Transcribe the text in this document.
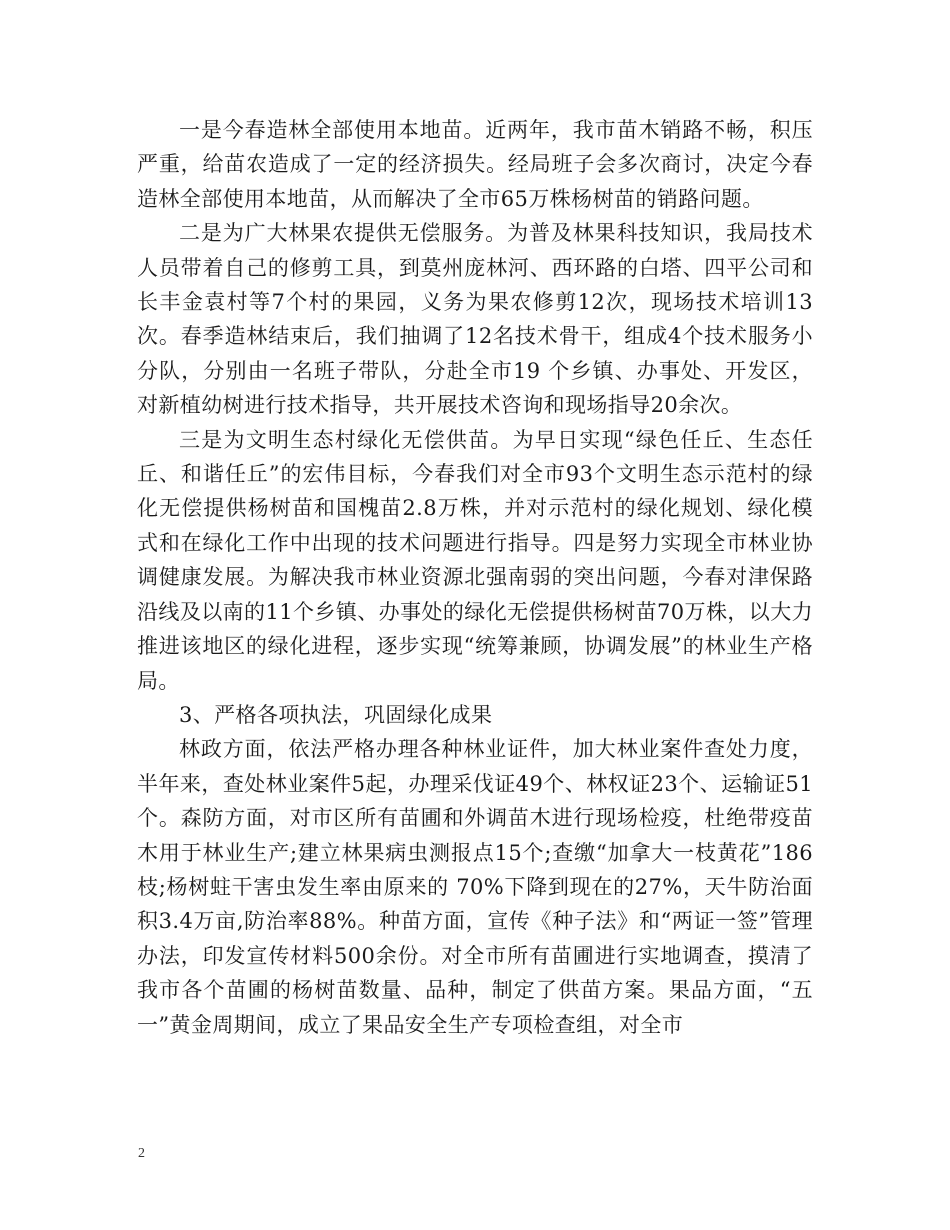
一是今春造林全部使用本地苗。近两年，我市苗木销路不畅，积压严重，给苗农造成了一定的经济损失。经局班子会多次商讨，决定今春造林全部使用本地苗，从而解决了全市65万株杨树苗的销路问题。

二是为广大林果农提供无偿服务。为普及林果科技知识，我局技术人员带着自己的修剪工具，到莫州庞林河、西环路的白塔、四平公司和长丰金袁村等7个村的果园，义务为果农修剪12次，现场技术培训13次。春季造林结束后，我们抽调了12名技术骨干，组成4个技术服务小分队，分别由一名班子带队，分赴全市19 个乡镇、办事处、开发区，对新植幼树进行技术指导，共开展技术咨询和现场指导20余次。

三是为文明生态村绿化无偿供苗。为早日实现“绿色任丘、生态任丘、和谐任丘”的宏伟目标，今春我们对全市93个文明生态示范村的绿化无偿提供杨树苗和国槐苗2.8万株，并对示范村的绿化规划、绿化模式和在绿化工作中出现的技术问题进行指导。四是努力实现全市林业协调健康发展。为解决我市林业资源北强南弱的突出问题，今春对津保路沿线及以南的11个乡镇、办事处的绿化无偿提供杨树苗70万株，以大力推进该地区的绿化进程，逐步实现“统筹兼顾，协调发展”的林业生产格局。

3、严格各项执法，巩固绿化成果

林政方面，依法严格办理各种林业证件，加大林业案件查处力度，半年来，查处林业案件5起，办理采伐证49个、林权证23个、运输证51个。森防方面，对市区所有苗圃和外调苗木进行现场检疫，杜绝带疫苗木用于林业生产;建立林果病虫测报点15个;查缴“加拿大一枝黄花”186枝;杨树蛀干害虫发生率由原来的 70%下降到现在的27%，天牛防治面积3.4万亩,防治率88%。种苗方面，宣传《种子法》和“两证一签”管理办法，印发宣传材料500余份。对全市所有苗圃进行实地调查，摸清了我市各个苗圃的杨树苗数量、品种，制定了供苗方案。果品方面，“五一”黄金周期间，成立了果品安全生产专项检查组，对全市

2
